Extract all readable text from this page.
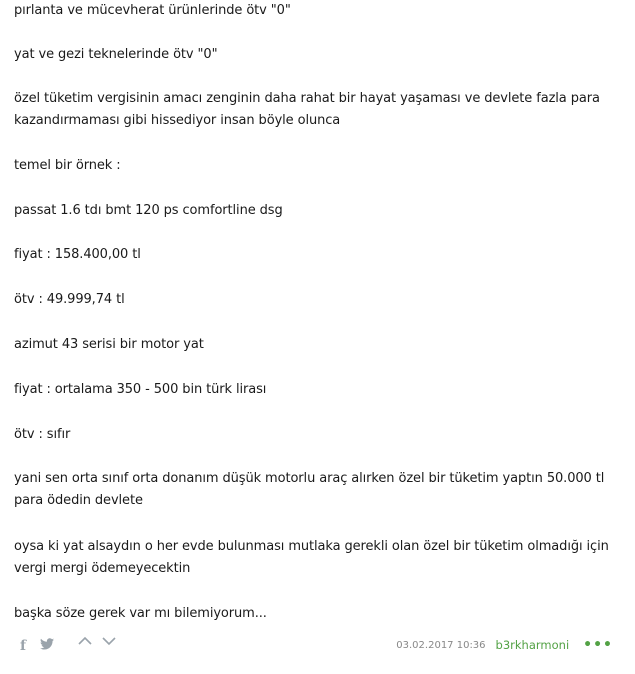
pırlanta ve mücevherat ürünlerinde ötv "0"

yat ve gezi teknelerinde ötv "0"

özel tüketim vergisinin amacı zenginin daha rahat bir hayat yaşaması ve devlete fazla para kazandırmaması gibi hissediyor insan böyle olunca

temel bir örnek :

passat 1.6 tdı bmt 120 ps comfortline dsg

fiyat : 158.400,00 tl

ötv : 49.999,74 tl

azimut 43 serisi bir motor yat

fiyat : ortalama 350 - 500 bin türk lirası

ötv : sıfır

yani sen orta sınıf orta donanım düşük motorlu araç alırken özel bir tüketim yaptın 50.000 tl para ödedin devlete

oysa ki yat alsaydın o her evde bulunması mutlaka gerekli olan özel bir tüketim olmadığı için vergi mergi ödemeyecektin

başka söze gerek var mı bilemiyorum...

f	03.02.2017 10:36 b3rkharmoni •••
